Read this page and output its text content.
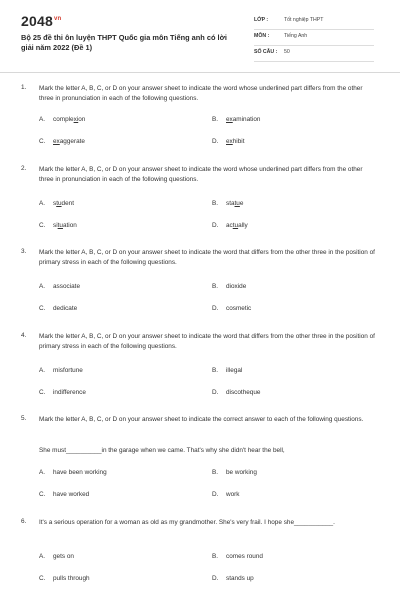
$2048^{vn}$
Bộ 25 đề thi ôn luyện THPT Quốc gia môn Tiếng anh có lời giải năm 2022 (Đề 1)
LỚP :	Tốt nghiệp THPT
MÔN :	Tiếng Anh
SỐ CÂU : 50
1. Mark the letter A, B, C, or D on your answer sheet to indicate the word whose underlined part differs from the other three in pronunciation in each of the following questions.
A. complexion	B. examination
C. exaggerate	D. exhibit
2. Mark the letter A, B, C, or D on your answer sheet to indicate the word whose underlined part differs from the other three in pronunciation in each of the following questions.
A. student	B. statue
C. situation	D. actually
3. Mark the letter A, B, C, or D on your answer sheet to indicate the word that differs from the other three in the position of primary stress in each of the following questions.
A. associate	B. dioxide
C. dedicate	D. cosmetic
4. Mark the letter A, B, C, or D on your answer sheet to indicate the word that differs from the other three in the position of primary stress in each of the following questions.
A. misfortune	B. illegal
C. indifference	D. discotheque
5. Mark the letter A, B, C, or D on your answer sheet to indicate the correct answer to each of the following questions.
She must__________in the garage when we came. That's why she didn't hear the bell,
A. have been working	B. be working
C. have worked	D. work
6. It's a serious operation for a woman as old as my grandmother. She's very frail. I hope she___________.
A. gets on	B. comes round
C. pulls through	D. stands up
